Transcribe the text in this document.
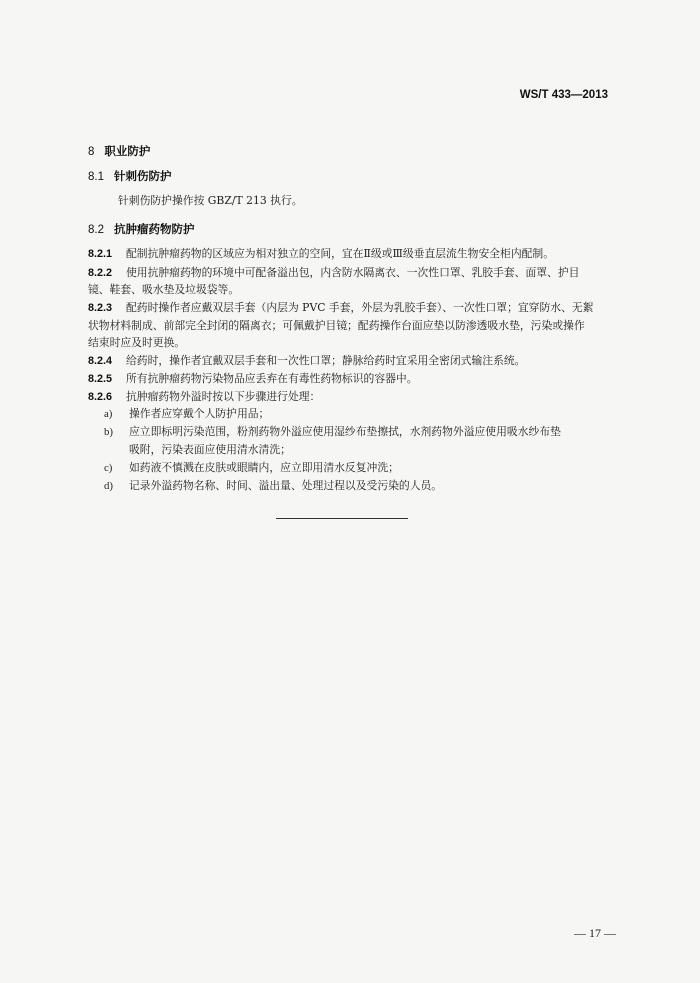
WS/T 433—2013
8 职业防护
8.1 针刺伤防护
针刺伤防护操作按 GBZ/T 213 执行。
8.2 抗肿瘤药物防护
8.2.1 配制抗肿瘤药物的区域应为相对独立的空间，宜在Ⅱ级或Ⅲ级垂直层流生物安全柜内配制。
8.2.2 使用抗肿瘤药物的环境中可配备溢出包，内含防水隔离衣、一次性口罩、乳胶手套、面罩、护目
镜、鞋套、吸水垫及垃圾袋等。
8.2.3 配药时操作者应戴双层手套（内层为 PVC 手套，外层为乳胶手套）、一次性口罩；宜穿防水、无絮
状物材料制成、前部完全封闭的隔离衣；可佩戴护目镜；配药操作台面应垫以防渗透吸水垫，污染或操作
结束时应及时更换。
8.2.4 给药时，操作者宜戴双层手套和一次性口罩；静脉给药时宜采用全密闭式输注系统。
8.2.5 所有抗肿瘤药物污染物品应丢弃在有毒性药物标识的容器中。
8.2.6 抗肿瘤药物外溢时按以下步骤进行处理：
a) 操作者应穿戴个人防护用品；
b) 应立即标明污染范围，粉剂药物外溢应使用湿纱布垫擦拭，水剂药物外溢应使用吸水纱布垫
吸附，污染表面应使用清水清洗；
c) 如药液不慎溅在皮肤或眼睛内，应立即用清水反复冲洗；
d) 记录外溢药物名称、时间、溢出量、处理过程以及受污染的人员。
— 17 —
